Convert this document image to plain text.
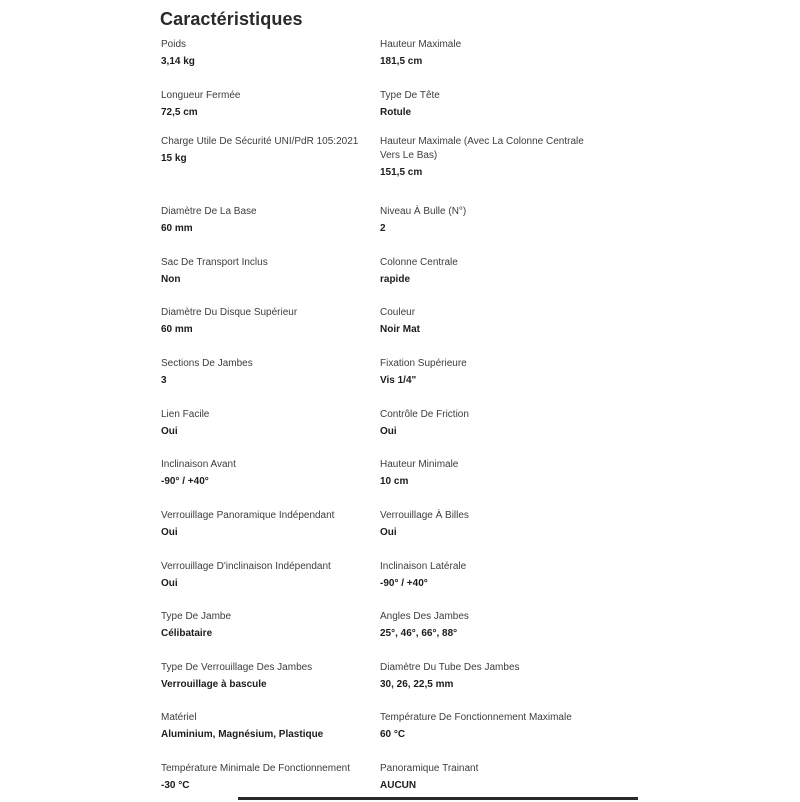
Caractéristiques
Poids
3,14 kg
Longueur Fermée
72,5 cm
Charge Utile De Sécurité UNI/PdR 105:2021
15 kg
Diamètre De La Base
60 mm
Sac De Transport Inclus
Non
Diamètre Du Disque Supérieur
60 mm
Sections De Jambes
3
Lien Facile
Oui
Inclinaison Avant
-90° / +40°
Verrouillage Panoramique Indépendant
Oui
Verrouillage D'inclinaison Indépendant
Oui
Type De Jambe
Célibataire
Type De Verrouillage Des Jambes
Verrouillage à bascule
Matériel
Aluminium, Magnésium, Plastique
Température Minimale De Fonctionnement
-30 °C
Hauteur Maximale
181,5 cm
Type De Tête
Rotule
Hauteur Maximale (Avec La Colonne Centrale
Vers Le Bas)
151,5 cm
Niveau À Bulle (N°)
2
Colonne Centrale
rapide
Couleur
Noir Mat
Fixation Supérieure
Vis 1/4"
Contrôle De Friction
Oui
Hauteur Minimale
10 cm
Verrouillage À Billes
Oui
Inclinaison Latérale
-90° / +40°
Angles Des Jambes
25°, 46°, 66°, 88°
Diamètre Du Tube Des Jambes
30, 26, 22,5 mm
Température De Fonctionnement Maximale
60 °C
Panoramique Trainant
AUCUN
